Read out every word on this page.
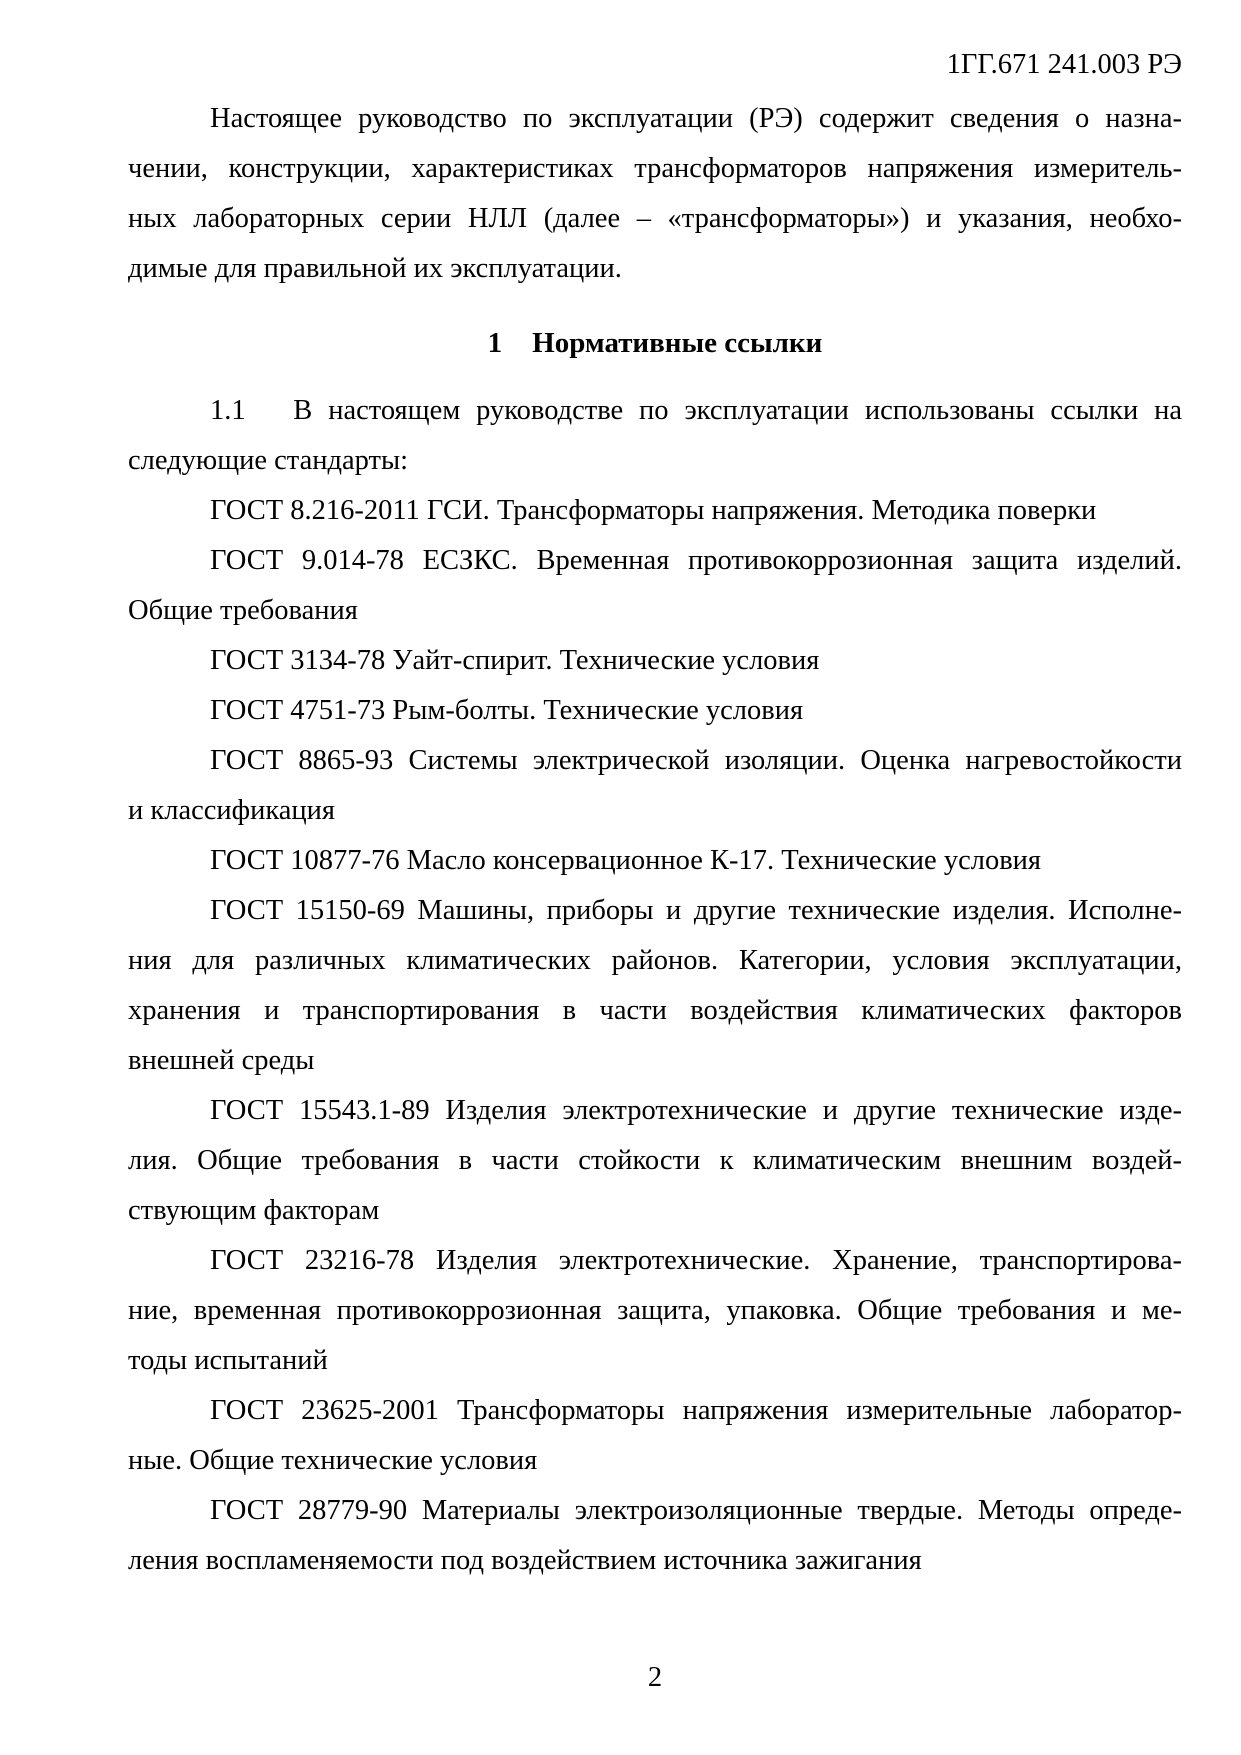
1ГГ.671 241.003 РЭ
Настоящее руководство по эксплуатации (РЭ) содержит сведения о назна-
чении, конструкции, характеристиках трансформаторов напряжения измеритель-
ных лабораторных серии НЛЛ (далее – «трансформаторы») и указания, необхо-
димые для правильной их эксплуатации.
1 Нормативные ссылки
1.1   В настоящем руководстве по эксплуатации использованы ссылки на
следующие стандарты:
ГОСТ 8.216-2011 ГСИ. Трансформаторы напряжения. Методика поверки
ГОСТ 9.014-78 ЕСЗКС. Временная противокоррозионная защита изделий.
Общие требования
ГОСТ 3134-78 Уайт-спирит. Технические условия
ГОСТ 4751-73 Рым-болты. Технические условия
ГОСТ 8865-93 Системы электрической изоляции. Оценка нагревостойкости
и классификация
ГОСТ 10877-76 Масло консервационное К-17. Технические условия
ГОСТ 15150-69 Машины, приборы и другие технические изделия. Исполне-
ния для различных климатических районов. Категории, условия эксплуатации,
хранения и транспортирования в части воздействия климатических факторов
внешней среды
ГОСТ 15543.1-89 Изделия электротехнические и другие технические изде-
лия. Общие требования в части стойкости к климатическим внешним воздей-
ствующим факторам
ГОСТ 23216-78 Изделия электротехнические. Хранение, транспортирова-
ние, временная противокоррозионная защита, упаковка. Общие требования и ме-
тоды испытаний
ГОСТ 23625-2001 Трансформаторы напряжения измерительные лаборатор-
ные. Общие технические условия
ГОСТ 28779-90 Материалы электроизоляционные твердые. Методы опреде-
ления воспламеняемости под воздействием источника зажигания
2
